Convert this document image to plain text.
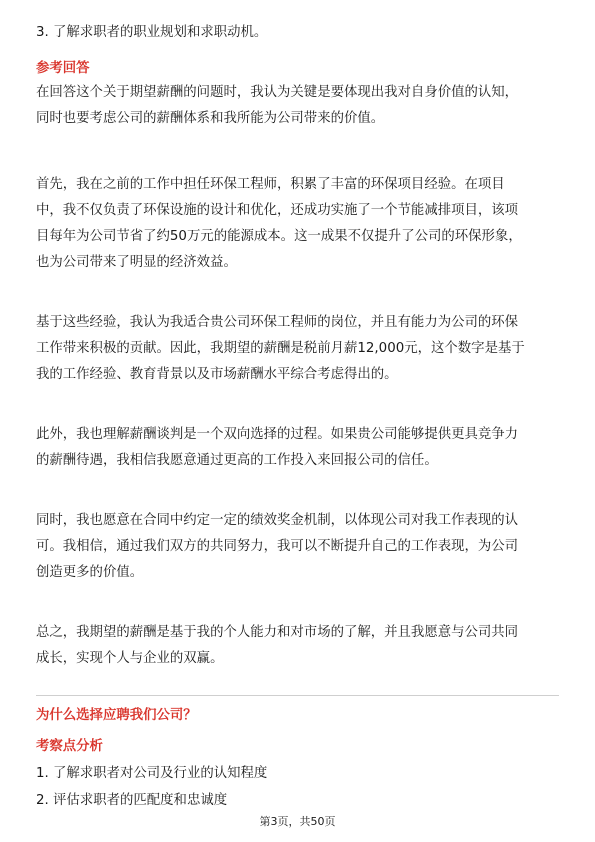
3. 了解求职者的职业规划和求职动机。

参考回答

在回答这个关于期望薪酬的问题时，我认为关键是要体现出我对自身价值的认知，

同时也要考虑公司的薪酬体系和我所能为公司带来的价值。

首先，我在之前的工作中担任环保工程师，积累了丰富的环保项目经验。在项目

中，我不仅负责了环保设施的设计和优化，还成功实施了一个节能减排项目，该项

目每年为公司节省了约50万元的能源成本。这一成果不仅提升了公司的环保形象，

也为公司带来了明显的经济效益。

基于这些经验，我认为我适合贵公司环保工程师的岗位，并且有能力为公司的环保

工作带来积极的贡献。因此，我期望的薪酬是税前月薪12,000元，这个数字是基于

我的工作经验、教育背景以及市场薪酬水平综合考虑得出的。

此外，我也理解薪酬谈判是一个双向选择的过程。如果贵公司能够提供更具竞争力

的薪酬待遇，我相信我愿意通过更高的工作投入来回报公司的信任。

同时，我也愿意在合同中约定一定的绩效奖金机制，以体现公司对我工作表现的认

可。我相信，通过我们双方的共同努力，我可以不断提升自己的工作表现，为公司

创造更多的价值。

总之，我期望的薪酬是基于我的个人能力和对市场的了解，并且我愿意与公司共同

成长，实现个人与企业的双赢。

为什么选择应聘我们公司？

考察点分析

1. 了解求职者对公司及行业的认知程度

2. 评估求职者的匹配度和忠诚度

第3页，共50页
